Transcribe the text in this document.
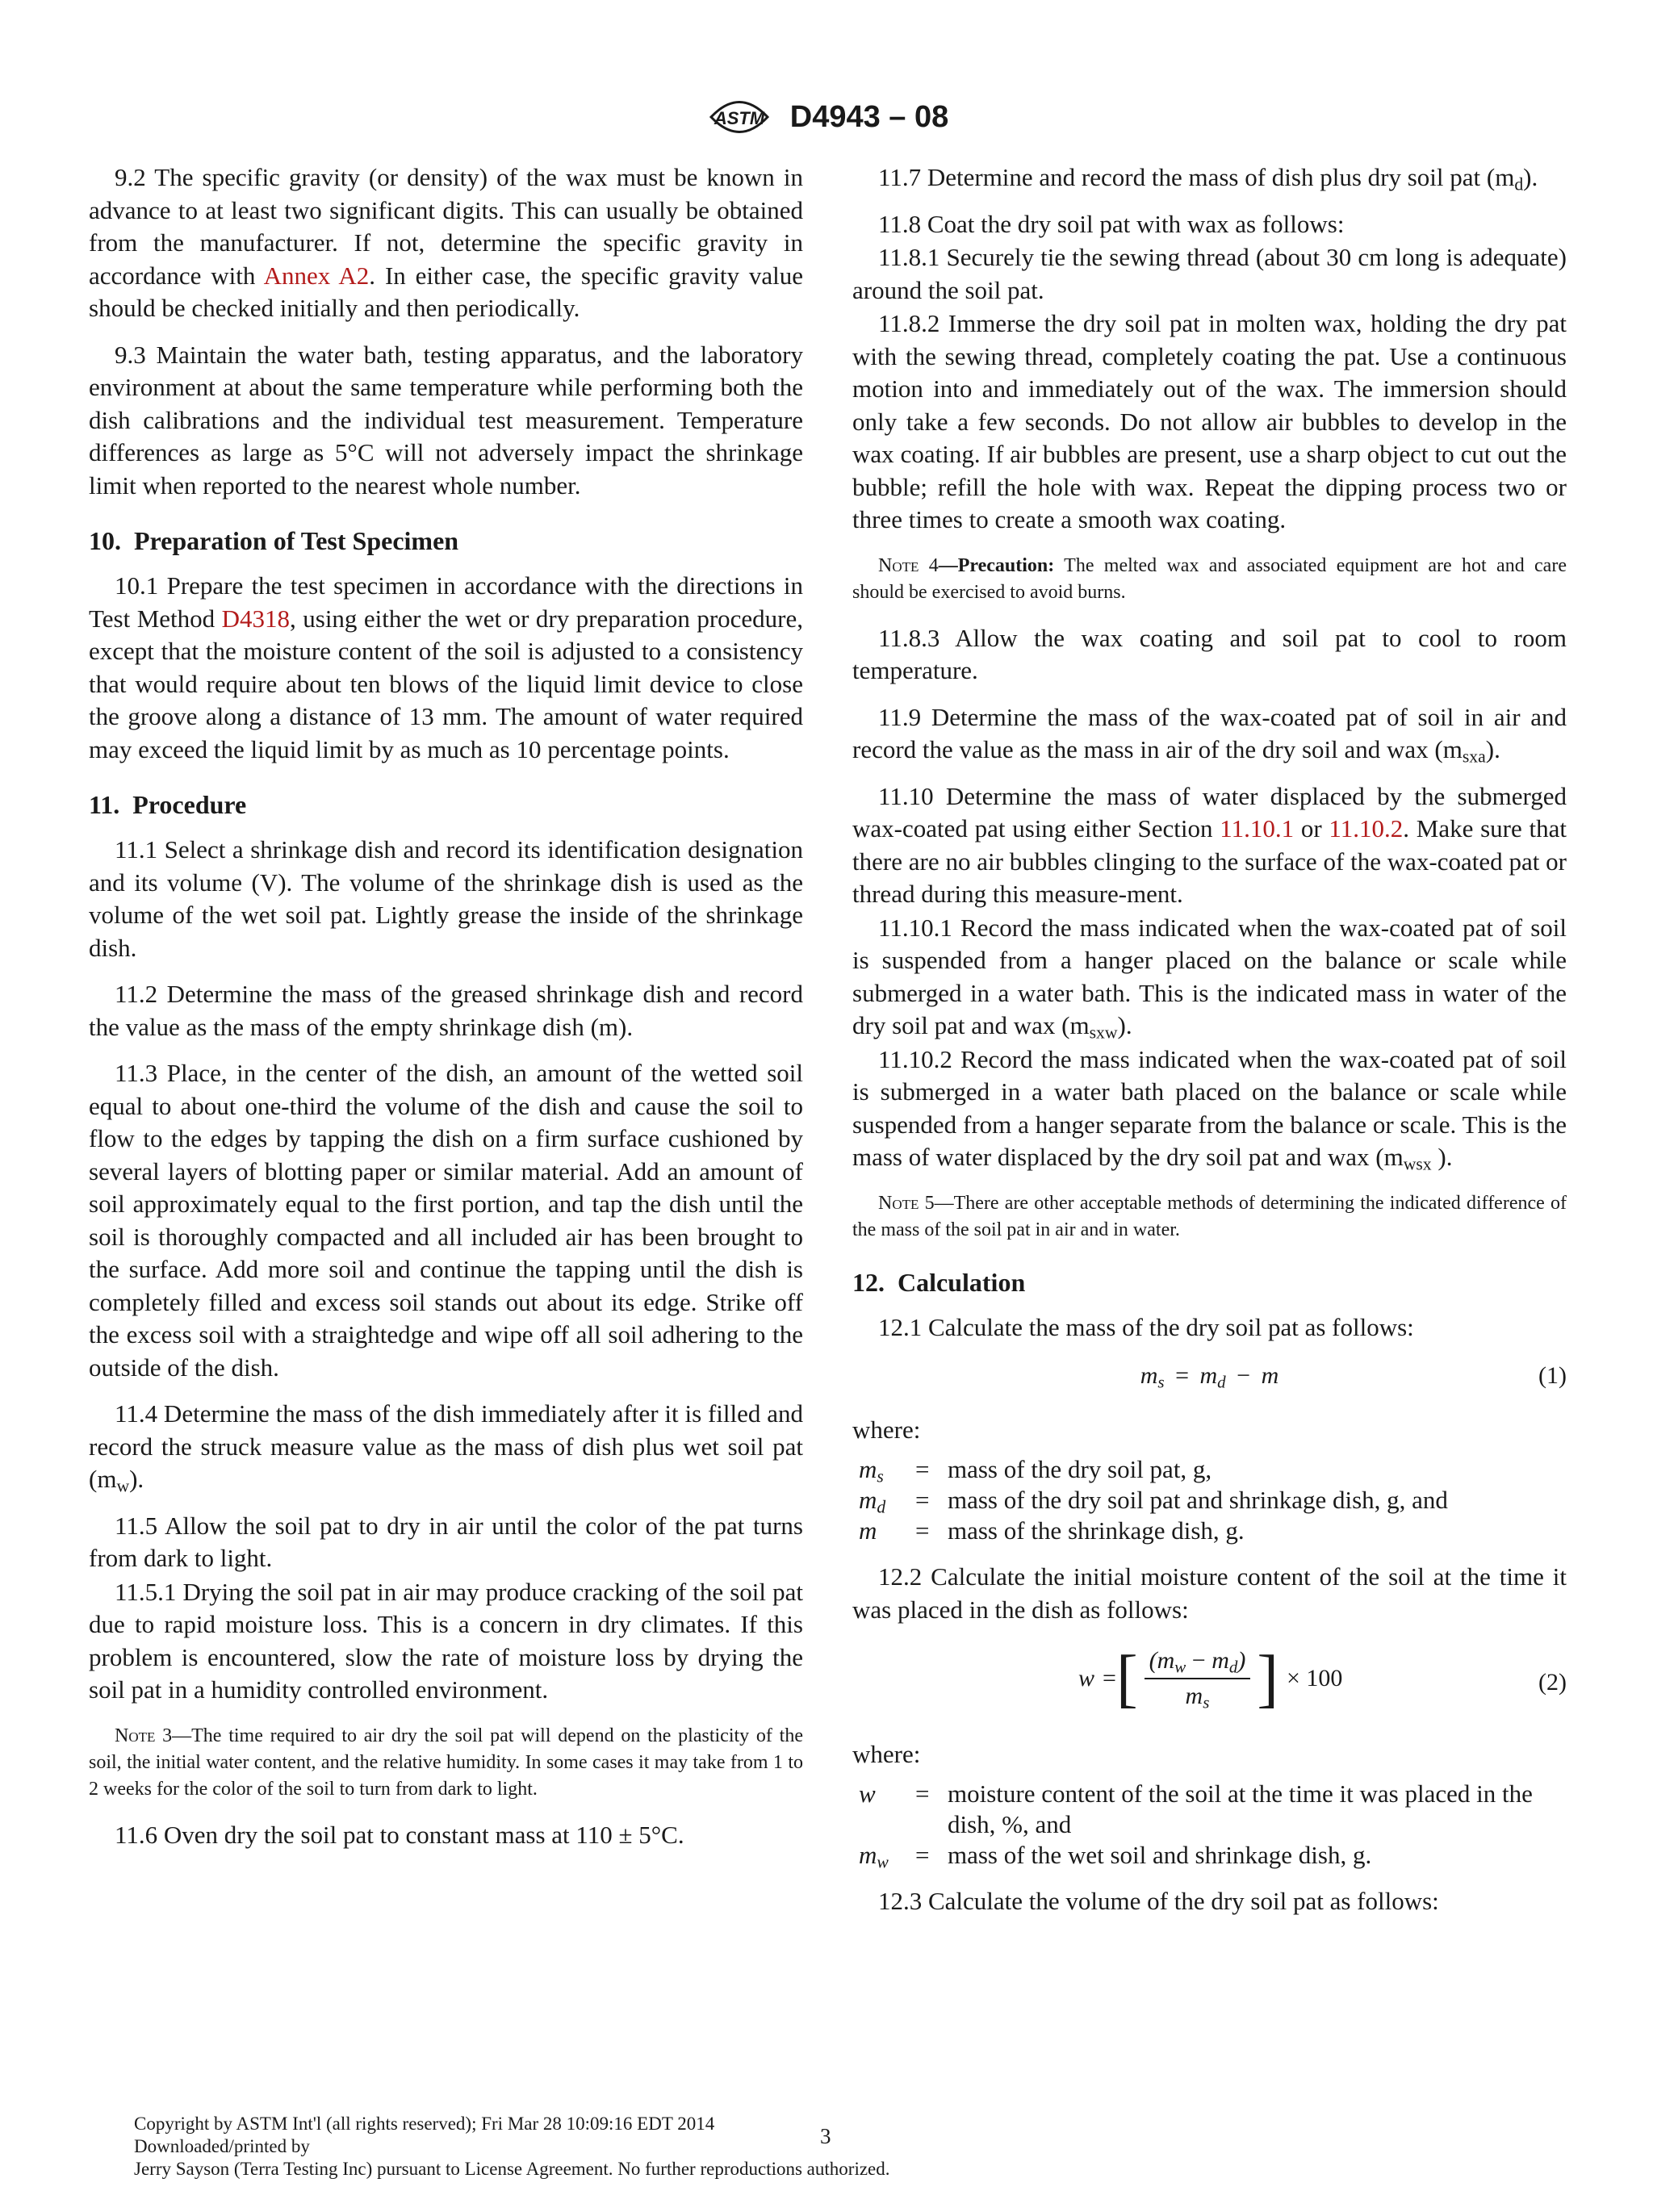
ASTM D4943 – 08

9.2 The specific gravity (or density) of the wax must be known in advance to at least two significant digits. This can usually be obtained from the manufacturer. If not, determine the specific gravity in accordance with Annex A2. In either case, the specific gravity value should be checked initially and then periodically.

9.3 Maintain the water bath, testing apparatus, and the laboratory environment at about the same temperature while performing both the dish calibrations and the individual test measurement. Temperature differences as large as 5°C will not adversely impact the shrinkage limit when reported to the nearest whole number.

10. Preparation of Test Specimen

10.1 Prepare the test specimen in accordance with the directions in Test Method D4318, using either the wet or dry preparation procedure, except that the moisture content of the soil is adjusted to a consistency that would require about ten blows of the liquid limit device to close the groove along a distance of 13 mm. The amount of water required may exceed the liquid limit by as much as 10 percentage points.

11. Procedure

11.1 Select a shrinkage dish and record its identification designation and its volume (V). The volume of the shrinkage dish is used as the volume of the wet soil pat. Lightly grease the inside of the shrinkage dish.

11.2 Determine the mass of the greased shrinkage dish and record the value as the mass of the empty shrinkage dish (m).

11.3 Place, in the center of the dish, an amount of the wetted soil equal to about one-third the volume of the dish and cause the soil to flow to the edges by tapping the dish on a firm surface cushioned by several layers of blotting paper or similar material. Add an amount of soil approximately equal to the first portion, and tap the dish until the soil is thoroughly compacted and all included air has been brought to the surface. Add more soil and continue the tapping until the dish is completely filled and excess soil stands out about its edge. Strike off the excess soil with a straightedge and wipe off all soil adhering to the outside of the dish.

11.4 Determine the mass of the dish immediately after it is filled and record the struck measure value as the mass of dish plus wet soil pat $(m_w)$.

11.5 Allow the soil pat to dry in air until the color of the pat turns from dark to light.

11.5.1 Drying the soil pat in air may produce cracking of the soil pat due to rapid moisture loss. This is a concern in dry climates. If this problem is encountered, slow the rate of moisture loss by drying the soil pat in a humidity controlled environment.

Note 3—The time required to air dry the soil pat will depend on the plasticity of the soil, the initial water content, and the relative humidity. In some cases it may take from 1 to 2 weeks for the color of the soil to turn from dark to light.

11.6 Oven dry the soil pat to constant mass at 110 ± 5°C.

11.7 Determine and record the mass of dish plus dry soil pat $(m_d)$.

11.8 Coat the dry soil pat with wax as follows:

11.8.1 Securely tie the sewing thread (about 30 cm long is adequate) around the soil pat.

11.8.2 Immerse the dry soil pat in molten wax, holding the dry pat with the sewing thread, completely coating the pat. Use a continuous motion into and immediately out of the wax. The immersion should only take a few seconds. Do not allow air bubbles to develop in the wax coating. If air bubbles are present, use a sharp object to cut out the bubble; refill the hole with wax. Repeat the dipping process two or three times to create a smooth wax coating.

Note 4—Precaution: The melted wax and associated equipment are hot and care should be exercised to avoid burns.

11.8.3 Allow the wax coating and soil pat to cool to room temperature.

11.9 Determine the mass of the wax-coated pat of soil in air and record the value as the mass in air of the dry soil and wax $(m_{sxa})$.

11.10 Determine the mass of water displaced by the submerged wax-coated pat using either Section 11.10.1 or 11.10.2. Make sure that there are no air bubbles clinging to the surface of the wax-coated pat or thread during this measure-ment.

11.10.1 Record the mass indicated when the wax-coated pat of soil is suspended from a hanger placed on the balance or scale while submerged in a water bath. This is the indicated mass in water of the dry soil pat and wax $(m_{sxw})$.

11.10.2 Record the mass indicated when the wax-coated pat of soil is submerged in a water bath placed on the balance or scale while suspended from a hanger separate from the balance or scale. This is the mass of water displaced by the dry soil pat and wax ($m_{wsx}$ ).

Note 5—There are other acceptable methods of determining the indicated difference of the mass of the soil pat in air and in water.

12. Calculation

12.1 Calculate the mass of the dry soil pat as follows:

$m_s = m_d - m$	(1)
where:
$m_s$	= mass of the dry soil pat, g,
$m_d$	= mass of the dry soil pat and shrinkage dish, g, and
m	= mass of the shrinkage dish, g.

12.2 Calculate the initial moisture content of the soil at the time it was placed in the dish as follows:

w = [ $\frac{(m_w - m_d)}{m_s}$ ] × 100	(2)
where:
w	= moisture content of the soil at the time it was placed in the dish, %, and
$m_w$	= mass of the wet soil and shrinkage dish, g.

12.3 Calculate the volume of the dry soil pat as follows:

Copyright by ASTM Int'l (all rights reserved); Fri Mar 28 10:09:16 EDT 2014
Downloaded/printed by
Jerry Sayson (Terra Testing Inc) pursuant to License Agreement. No further reproductions authorized.
3
